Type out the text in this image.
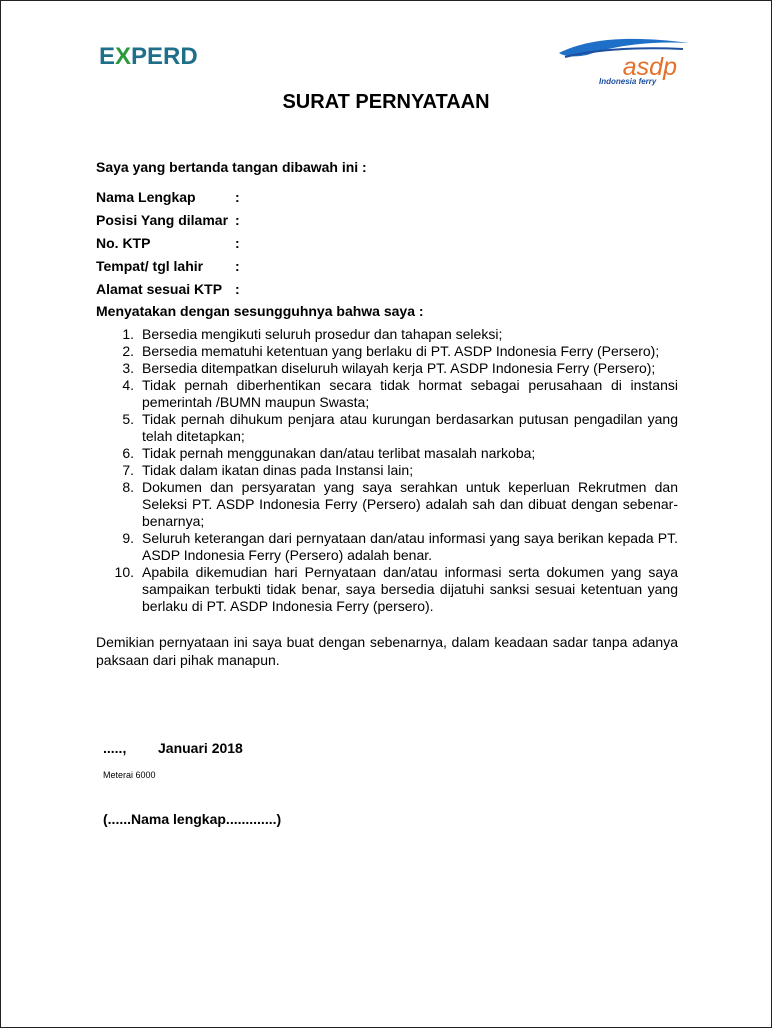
EXPERD	asdp
Indonesia ferry
SURAT PERNYATAAN
Saya yang bertanda tangan dibawah ini :
Nama Lengkap	:
Posisi Yang dilamar :
No. KTP	:
Tempat/ tgl lahir :
Alamat sesuai KTP :
Menyatakan dengan sesungguhnya bahwa saya :
1. Bersedia mengikuti seluruh prosedur dan tahapan seleksi;
2. Bersedia mematuhi ketentuan yang berlaku di PT. ASDP Indonesia Ferry (Persero);
3. Bersedia ditempatkan diseluruh wilayah kerja PT. ASDP Indonesia Ferry (Persero);
4. Tidak pernah diberhentikan secara tidak hormat sebagai perusahaan di instansi pemerintah /BUMN maupun Swasta;
5. Tidak pernah dihukum penjara atau kurungan berdasarkan putusan pengadilan yang telah ditetapkan;
6. Tidak pernah menggunakan dan/atau terlibat masalah narkoba;
7. Tidak dalam ikatan dinas pada Instansi lain;
8. Dokumen dan persyaratan yang saya serahkan untuk keperluan Rekrutmen dan Seleksi PT. ASDP Indonesia Ferry (Persero) adalah sah dan dibuat dengan sebenar-benarnya;
9. Seluruh keterangan dari pernyataan dan/atau informasi yang saya berikan kepada PT. ASDP Indonesia Ferry (Persero) adalah benar.
10. Apabila dikemudian hari Pernyataan dan/atau informasi serta dokumen yang saya sampaikan terbukti tidak benar, saya bersedia dijatuhi sanksi sesuai ketentuan yang berlaku di PT. ASDP Indonesia Ferry (persero).
Demikian pernyataan ini saya buat dengan sebenarnya, dalam keadaan sadar tanpa adanya paksaan dari pihak manapun.
....., Januari 2018
Meterai 6000
(......Nama lengkap.............)
